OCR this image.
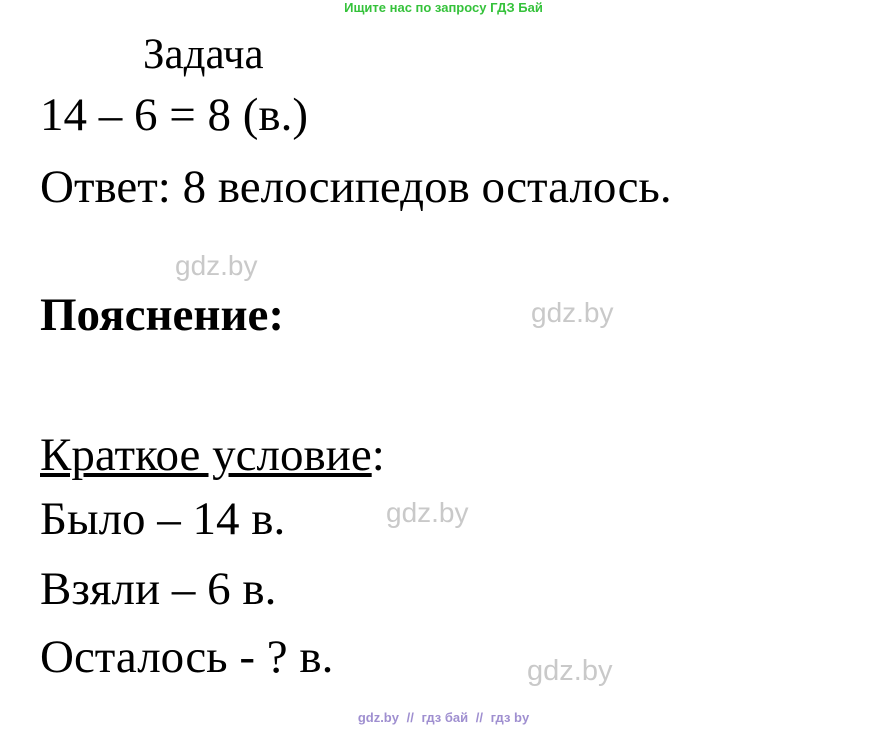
Ищите нас по запросу ГДЗ Бай
Задача
14 – 6 = 8 (в.)
Ответ: 8 велосипедов осталось.
gdz.by
Пояснение:	gdz.by
Краткое условие:
Было – 14 в.	gdz.by
Взяли – 6 в.
Осталось - ? в.	gdz.by
gdz.by // гдз бай // гдз by
